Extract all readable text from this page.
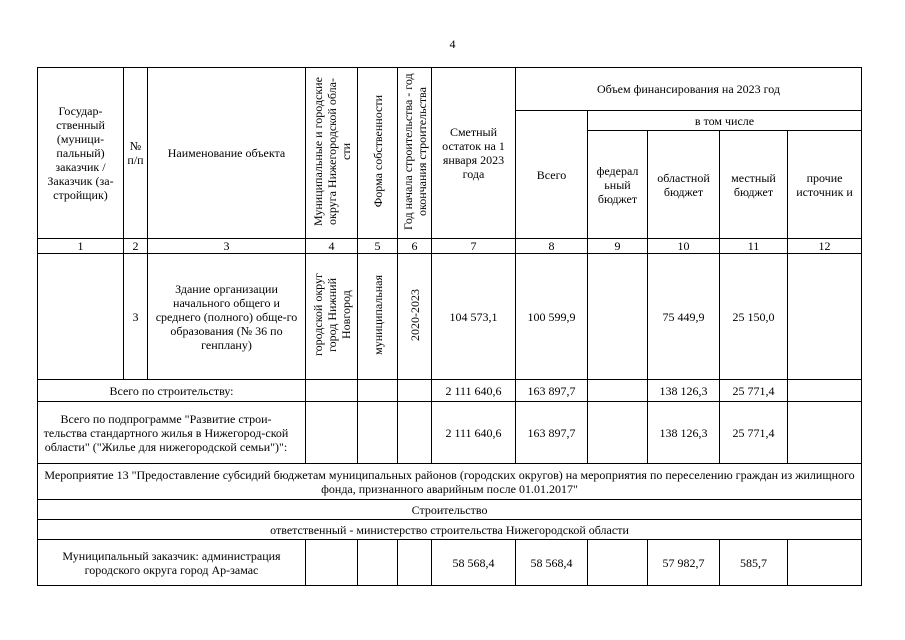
4
Государ-ственный (муници-пальный) заказчик / Заказчик (за-стройщик)	№ п/п	Наименование объекта	Муниципальные и городские округа Нижегородской обла-сти	Форма собственности	Год начала строительства - год окончания строительства	Сметный остаток на 1 января 2023 года	Объем финансирования на 2023 год				
							Всего	в том числе			
								федерал ьный бюджет	областной бюджет	местный бюджет	прочие источник и
1	2	3	4	5	6	7	8	9	10	11	12
	3	Здание организации начального общего и среднего (полного) обще-го образования (№ 36 по генплану)	городской округ город Нижний Новгород	муниципальная	2020-2023	104 573,1	100 599,9		75 449,9	25 150,0	
Всего по строительству:						2 111 640,6	163 897,7		138 126,3	25 771,4	

Всего по подпрограмме "Развитие строи-тельства стандартного жилья в Нижегород-ской области" ("Жилье для нижегородской семьи")":						2 111 640,6	163 897,7		138 126,3	25 771,4	
Мероприятие 13 "Предоставление субсидий бюджетам муниципальных районов (городских округов) на мероприятия по переселению граждан из жилищного фонда, признанного аварийным после 01.01.2017"											
Строительство											
ответственный - министерство строительства Нижегородской области											

Муниципальный заказчик: администрация городского округа город Ар-замас						58 568,4	58 568,4		57 982,7	585,7	
